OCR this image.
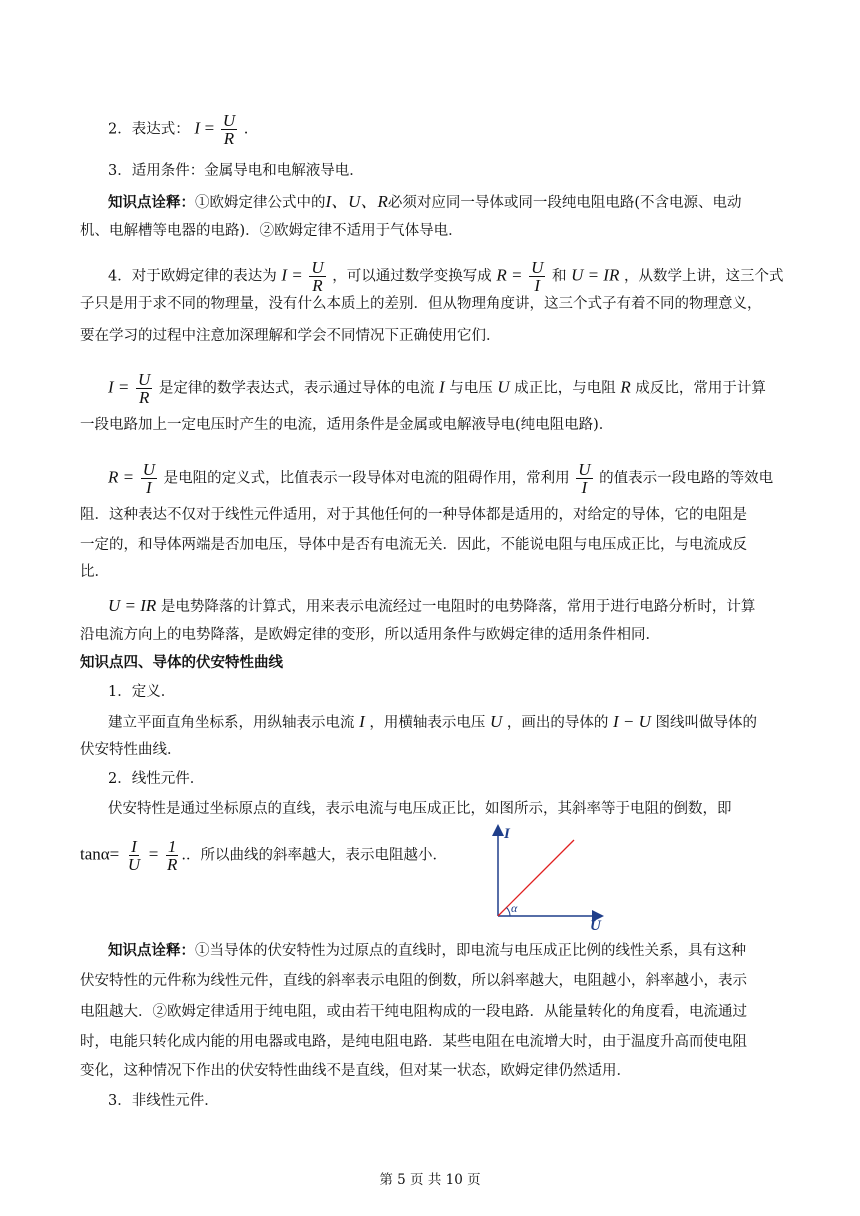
2．表达式： $I = \frac{U}{R}$ .
3．适用条件：金属导电和电解液导电．
知识点诠释：①欧姆定律公式中的I、U、R必须对应同一导体或同一段纯电阻电路(不含电源、电动
机、电解槽等电器的电路)．②欧姆定律不适用于气体导电．
4．对于欧姆定律的表达为 $I = \frac{U}{R}$ ，可以通过数学变换写成 $R = \frac{U}{I}$ 和 U = IR ，从数学上讲，这三个式
子只是用于求不同的物理量，没有什么本质上的差别．但从物理角度讲，这三个式子有着不同的物理意义，
要在学习的过程中注意加深理解和学会不同情况下正确使用它们．
$I = \frac{U}{R}$ 是定律的数学表达式，表示通过导体的电流 I 与电压 U 成正比，与电阻 R 成反比，常用于计算
一段电路加上一定电压时产生的电流，适用条件是金属或电解液导电(纯电阻电路)．
$R = \frac{U}{I}$ 是电阻的定义式，比值表示一段导体对电流的阻碍作用，常利用 $\frac{U}{I}$ 的值表示一段电路的等效电
阻．这种表达不仅对于线性元件适用，对于其他任何的一种导体都是适用的，对给定的导体，它的电阻是
一定的，和导体两端是否加电压，导体中是否有电流无关．因此，不能说电阻与电压成正比，与电流成反
比．
U = IR 是电势降落的计算式，用来表示电流经过一电阻时的电势降落，常用于进行电路分析时，计算
沿电流方向上的电势降落，是欧姆定律的变形，所以适用条件与欧姆定律的适用条件相同．
知识点四、导体的伏安特性曲线
1．定义．
建立平面直角坐标系，用纵轴表示电流 I ，用横轴表示电压 U ，画出的导体的 I − U 图线叫做导体的
伏安特性曲线．
2．线性元件．
伏安特性是通过坐标原点的直线，表示电流与电压成正比，如图所示，其斜率等于电阻的倒数，即
$\tan\alpha= \frac{I}{U} = \frac{1}{R}$ .．所以曲线的斜率越大，表示电阻越小．
I
U
α
知识点诠释：①当导体的伏安特性为过原点的直线时，即电流与电压成正比例的线性关系，具有这种
伏安特性的元件称为线性元件，直线的斜率表示电阻的倒数，所以斜率越大，电阻越小，斜率越小，表示
电阻越大．②欧姆定律适用于纯电阻，或由若干纯电阻构成的一段电路．从能量转化的角度看，电流通过
时，电能只转化成内能的用电器或电路，是纯电阻电路．某些电阻在电流增大时，由于温度升高而使电阻
变化，这种情况下作出的伏安特性曲线不是直线，但对某一状态，欧姆定律仍然适用．
3．非线性元件．
第 5 页 共 10 页
